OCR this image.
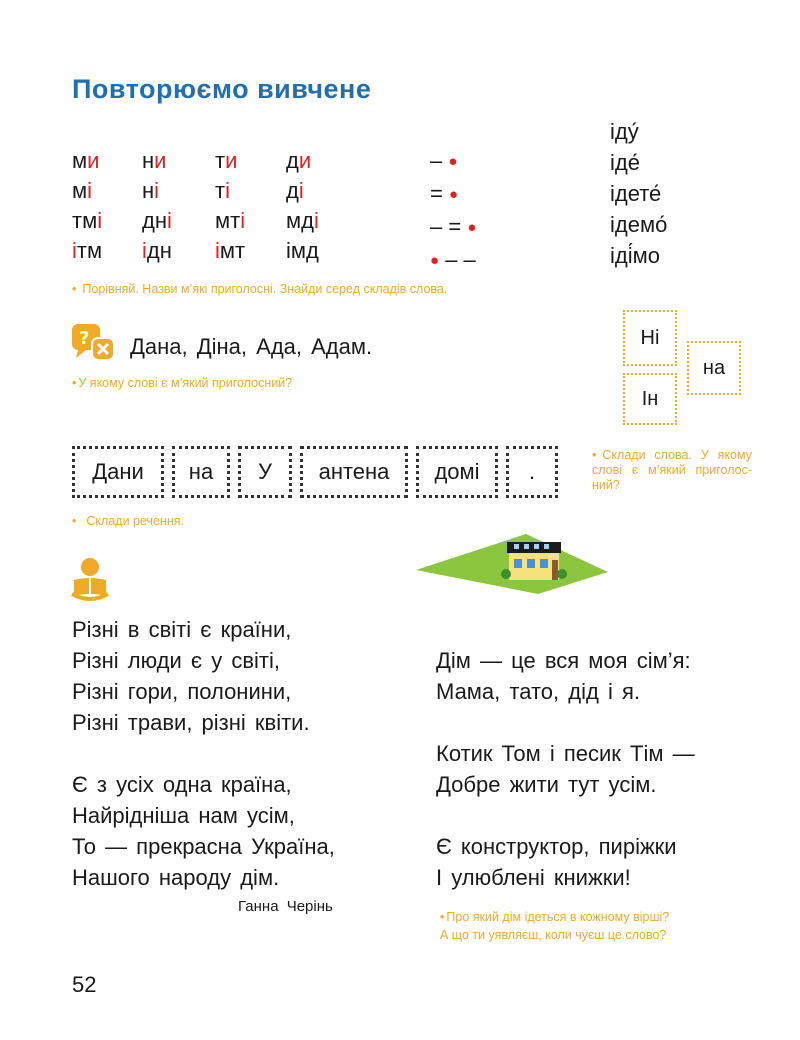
Повторюємо вивчене
ми ни ти ди
мі ні	ті	ді
тмі дні мті мді
ітм ідн імт імд
– ●
= ●
– = ●
● – –
іду́
іде́
ідете́
ідемо́
іді́мо
• Порівняй. Назви м’які приголосні. Знайди серед складів слова.
? Дана, Діна, Ада, Адам.
• У якому слові є м’який приголосний?
Ні
на
Ін
Дани	на	У	антена	домі	.
• Склади речення.
• Склади слова. У якому слові є м’який приголос-ний?
Різні в світі є країни,
Різні люди є у світі,
Різні гори, полонини,
Різні трави, різні квіти.
Є з усіх одна країна,
Найрідніша нам усім,
То — прекрасна Україна,
Нашого народу дім.
Ганна Черінь
Дім — це вся моя сім’я:
Мама, тато, дід і я.
Котик Том і песик Тім —
Добре жити тут усім.
Є конструктор, пиріжки
І улюблені книжки!
• Про який дім ідеться в кожному вірші?
А що ти уявляєш, коли чуєш це слово?
52
